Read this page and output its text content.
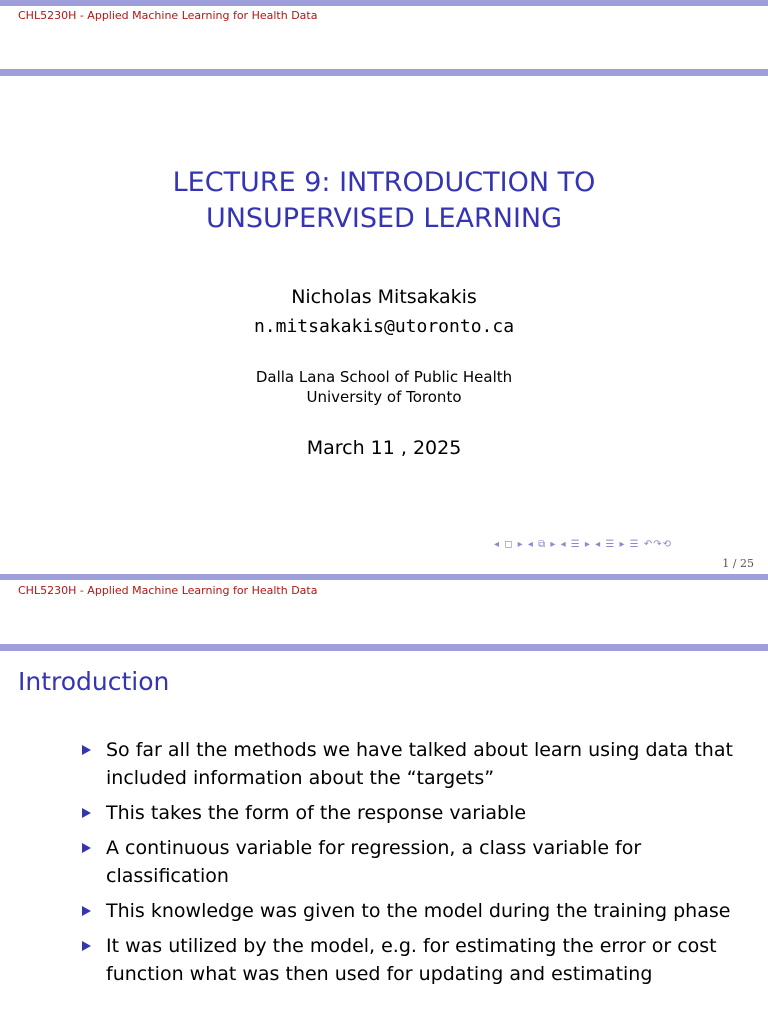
CHL5230H - Applied Machine Learning for Health Data
LECTURE 9: INTRODUCTION TO
UNSUPERVISED LEARNING
Nicholas Mitsakakis
n.mitsakakis@utoronto.ca
Dalla Lana School of Public Health
University of Toronto
March 11 , 2025
◂ ◻ ▸ ◂ ⧉ ▸ ◂ ☰ ▸ ◂ ☰ ▸ ☰ ↶↷⟲
1 / 25
CHL5230H - Applied Machine Learning for Health Data
Introduction
So far all the methods we have talked about learn using data that included information about the “targets”
This takes the form of the response variable
A continuous variable for regression, a class variable for classification
This knowledge was given to the model during the training phase
It was utilized by the model, e.g. for estimating the error or cost function what was then used for updating and estimating
